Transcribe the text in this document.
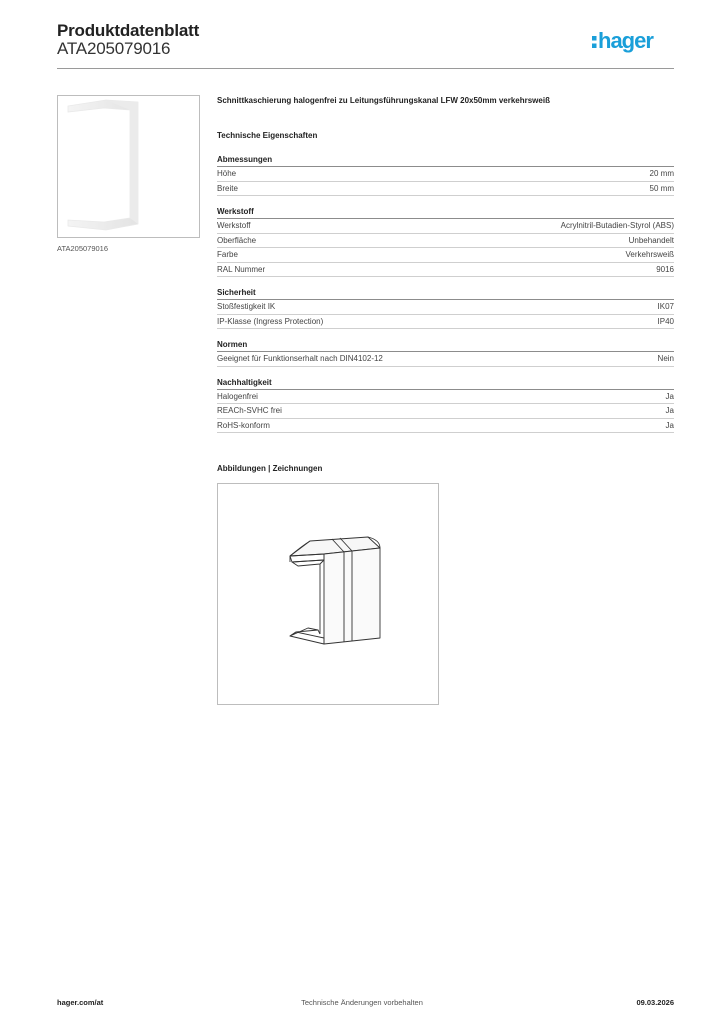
Produktdatenblatt
ATA205079016	hager
ATA205079016
Schnittkaschierung halogenfrei zu Leitungsführungskanal LFW 20x50mm verkehrsweiß
Technische Eigenschaften
Abmessungen
Höhe	20 mm
Breite	50 mm
Werkstoff
Werkstoff	Acrylnitril-Butadien-Styrol (ABS)
Oberfläche	Unbehandelt
Farbe	Verkehrsweiß
RAL Nummer	9016
Sicherheit
Stoßfestigkeit IK	IK07
IP-Klasse (Ingress Protection)	IP40
Normen
Geeignet für Funktionserhalt nach DIN4102-12	Nein
Nachhaltigkeit
Halogenfrei	Ja
REACh-SVHC frei	Ja
RoHS-konform	Ja
Abbildungen | Zeichnungen
hager.com/at	Technische Änderungen vorbehalten	09.03.2026
